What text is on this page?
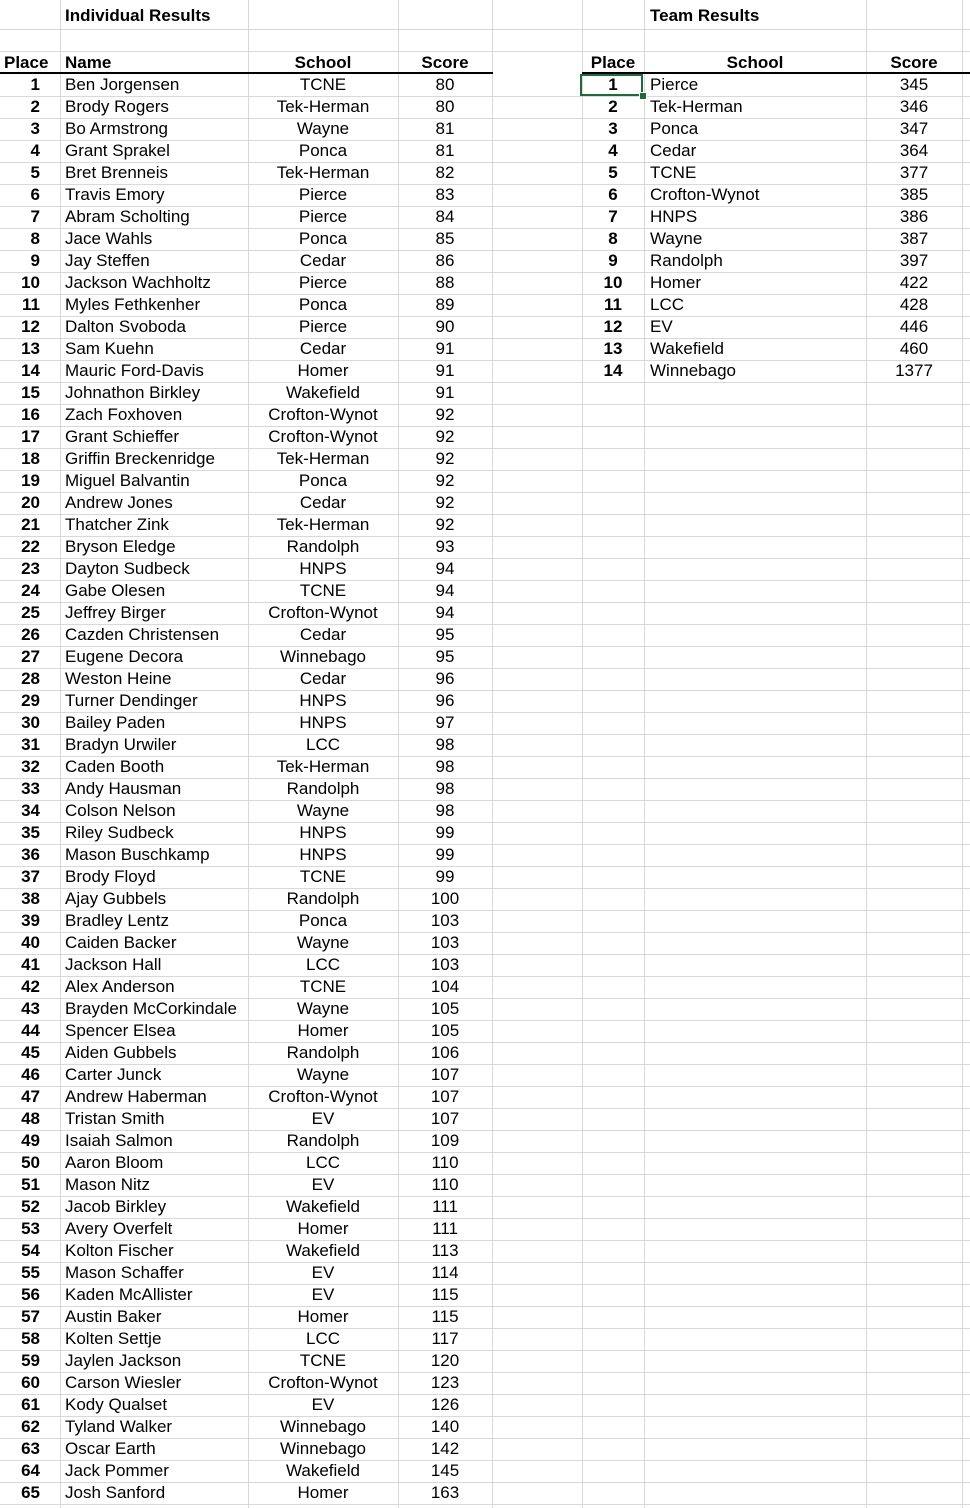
Individual Results	Team Results
Place Name	School	Score	Place	School	Score
1 Ben Jorgensen	TCNE	80
2 Brody Rogers	Tek-Herman	80
3 Bo Armstrong	Wayne	81
4 Grant Sprakel	Ponca	81
5 Bret Brenneis	Tek-Herman	82
6 Travis Emory	Pierce	83
7 Abram Scholting	Pierce	84
8 Jace Wahls	Ponca	85
9 Jay Steffen	Cedar	86
10 Jackson Wachholtz	Pierce	88
11 Myles Fethkenher	Ponca	89
12 Dalton Svoboda	Pierce	90
13 Sam Kuehn	Cedar	91
14 Mauric Ford-Davis	Homer	91
15 Johnathon Birkley	Wakefield	91
16 Zach Foxhoven	Crofton-Wynot	92
17 Grant Schieffer	Crofton-Wynot	92
18 Griffin Breckenridge	Tek-Herman	92
19 Miguel Balvantin	Ponca	92
20 Andrew Jones	Cedar	92
21 Thatcher Zink	Tek-Herman	92
22 Bryson Eledge	Randolph	93
23 Dayton Sudbeck	HNPS	94
24 Gabe Olesen	TCNE	94
25 Jeffrey Birger	Crofton-Wynot	94
26 Cazden Christensen	Cedar	95
27 Eugene Decora	Winnebago	95
28 Weston Heine	Cedar	96
29 Turner Dendinger	HNPS	96
30 Bailey Paden	HNPS	97
31 Bradyn Urwiler	LCC	98
32 Caden Booth	Tek-Herman	98
33 Andy Hausman	Randolph	98
34 Colson Nelson	Wayne	98
35 Riley Sudbeck	HNPS	99
36 Mason Buschkamp	HNPS	99
37 Brody Floyd	TCNE	99
38 Ajay Gubbels	Randolph	100
39 Bradley Lentz	Ponca	103
40 Caiden Backer	Wayne	103
41 Jackson Hall	LCC	103
42 Alex Anderson	TCNE	104
43 Brayden McCorkindale	Wayne	105
44 Spencer Elsea	Homer	105
45 Aiden Gubbels	Randolph	106
46 Carter Junck	Wayne	107
47 Andrew Haberman	Crofton-Wynot	107
48 Tristan Smith	EV	107
49 Isaiah Salmon	Randolph	109
50 Aaron Bloom	LCC	110
51 Mason Nitz	EV	110
52 Jacob Birkley	Wakefield	111
53 Avery Overfelt	Homer	111
54 Kolton Fischer	Wakefield	113
55 Mason Schaffer	EV	114
56 Kaden McAllister	EV	115
57 Austin Baker	Homer	115
58 Kolten Settje	LCC	117
59 Jaylen Jackson	TCNE	120
60 Carson Wiesler	Crofton-Wynot	123
61 Kody Qualset	EV	126
62 Tyland Walker	Winnebago	140
63 Oscar Earth	Winnebago	142
64 Jack Pommer	Wakefield	145
65 Josh Sanford	Homer	163
1	Pierce	345
2	Tek-Herman	346
3	Ponca	347
4	Cedar	364
5	TCNE	377
6	Crofton-Wynot	385
7	HNPS	386
8	Wayne	387
9	Randolph	397
10	Homer	422
11	LCC	428
12	EV	446
13	Wakefield	460
14	Winnebago	1377
